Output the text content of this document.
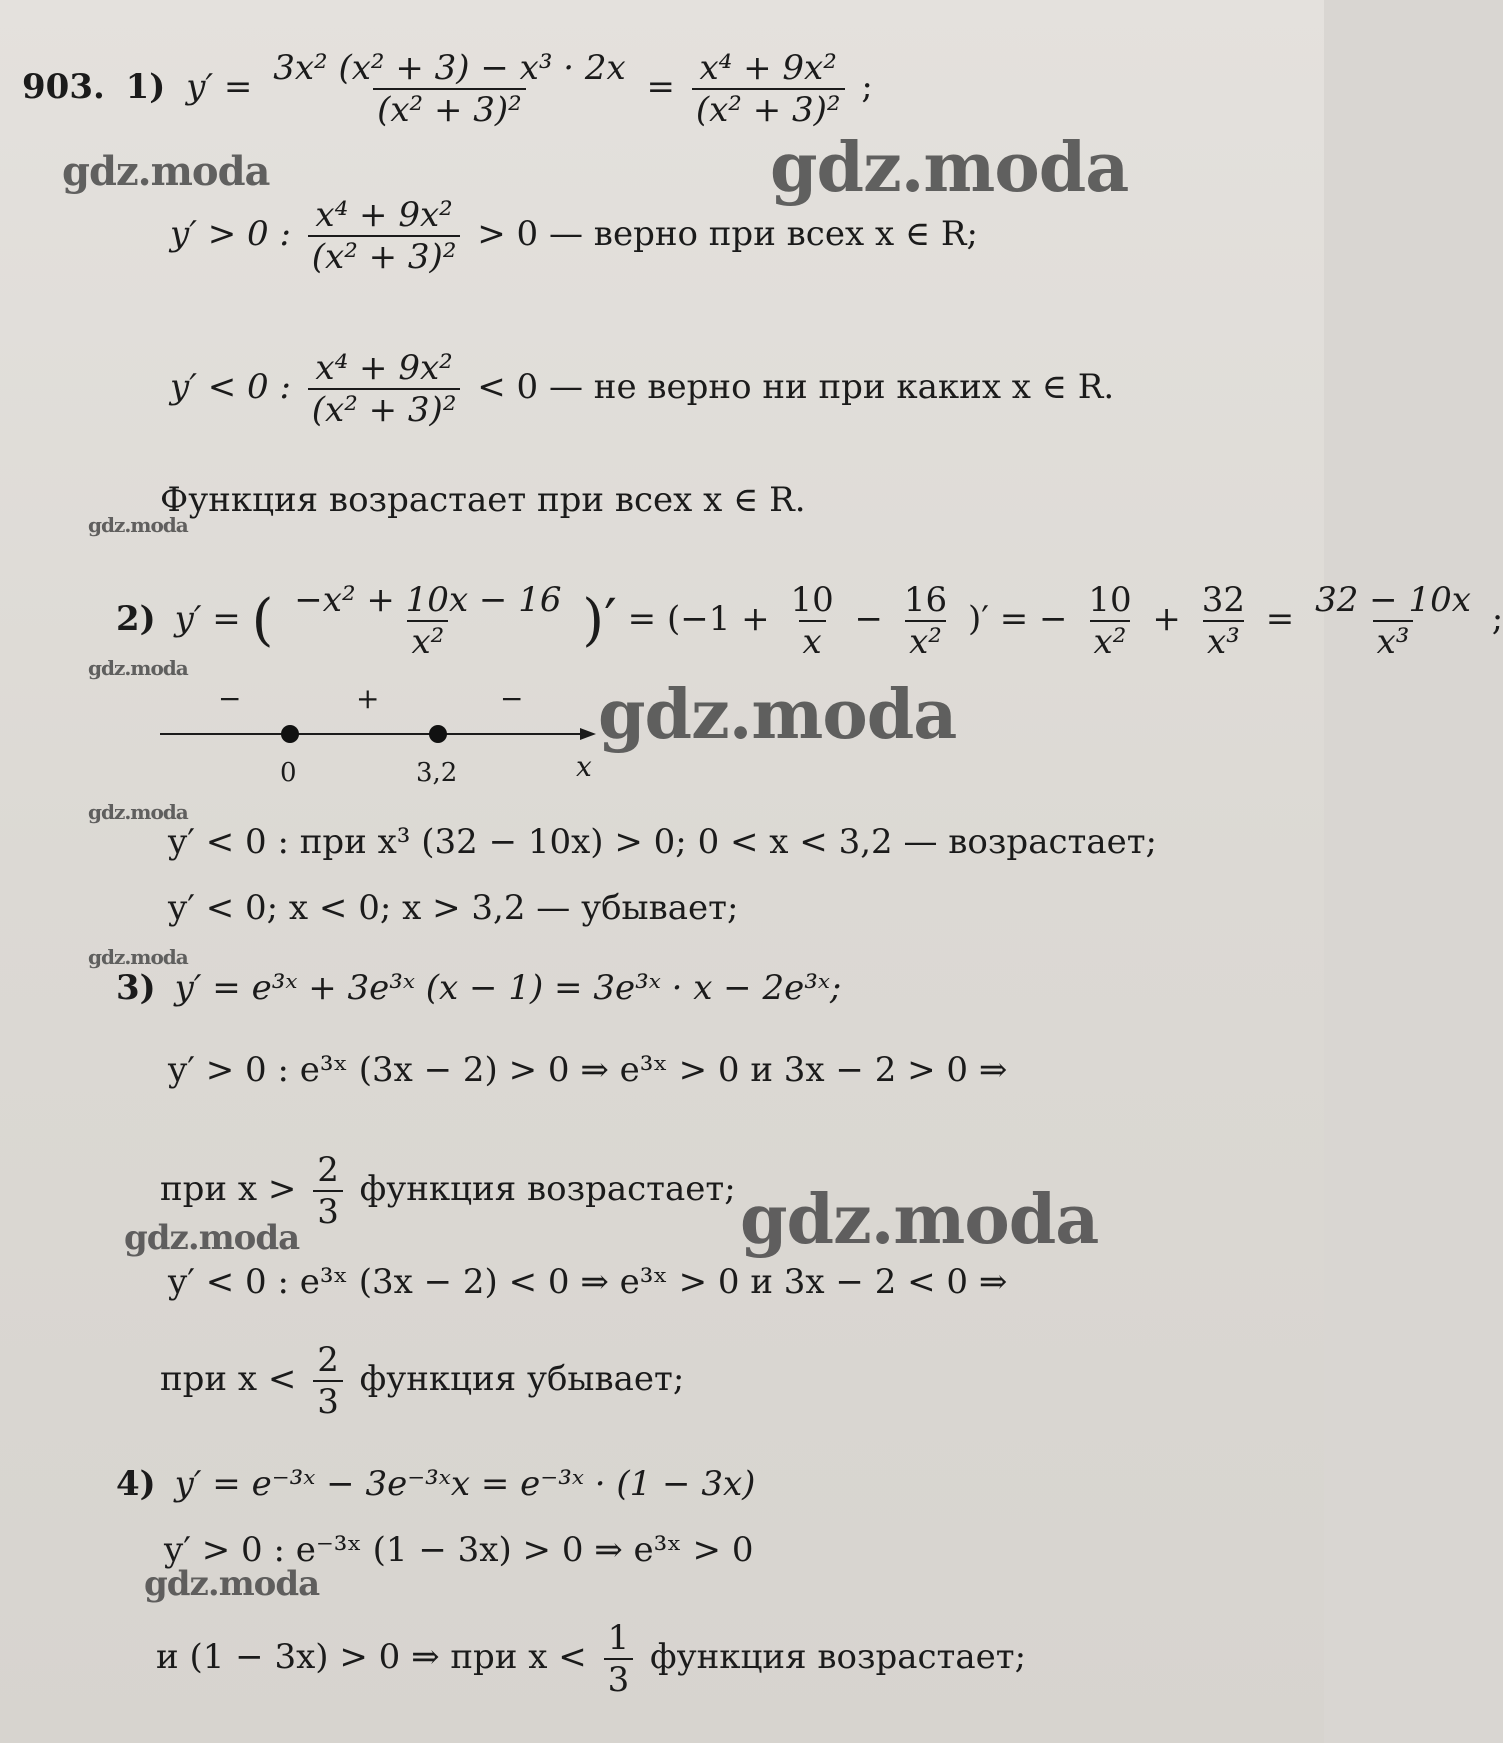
gdz.moda	gdz.moda
gdz.moda
gdz.moda
gdz.moda
gdz.moda
gdz.moda
gdz.moda	gdz.moda
gdz.moda
903. 1) $y' = \frac{\text{3x² (x² + 3) − x³ · 2x}}{\text{(x² + 3)²}} = \frac{\text{x⁴ + 9x²}}{\text{(x² + 3)²}}$ ;
y′ > 0 : $\frac{\text{x⁴ + 9x²}}{\text{(x² + 3)²}} > 0$ — верно при всех x ∈ R;
y′ < 0 : $\frac{\text{x⁴ + 9x²}}{\text{(x² + 3)²}} < 0$ — не верно ни при каких x ∈ R.
Функция возрастает при всех x ∈ R.
2) y′ = ( $\frac{\text{−x² + 10x − 16}}{\text{x²}}$ )′ = ($-1 + \frac{10}{x} - \frac{16}{\text{x²}}$ )′ = − $\frac{10}{\text{x²}} + \frac{32}{\text{x³}} = \frac{32 - 10x}{\text{x³}}$ ;
−	+	−
0	3,2	x
y′ < 0 : при x³ (32 − 10x) > 0; 0 < x < 3,2 — возрастает;
y′ < 0; x < 0; x > 3,2 — убывает;
3) y′ = e³ˣ + 3e³ˣ (x − 1) = 3e³ˣ · x − 2e³ˣ;
y′ > 0 : e³ˣ (3x − 2) > 0 ⇒ e³ˣ > 0 и 3x − 2 > 0 ⇒
при $x > \frac{2}{3}$ функция возрастает;
y′ < 0 : e³ˣ (3x − 2) < 0 ⇒ e³ˣ > 0 и 3x − 2 < 0 ⇒
при $x < \frac{2}{3}$ функция убывает;
4) y′ = e⁻³ˣ − 3e⁻³ˣx = e⁻³ˣ · (1 − 3x)
y′ > 0 : e⁻³ˣ (1 − 3x) > 0 ⇒ e³ˣ > 0
и (1 − 3x) > 0 ⇒ при $x < \frac{1}{3}$ функция возрастает;
